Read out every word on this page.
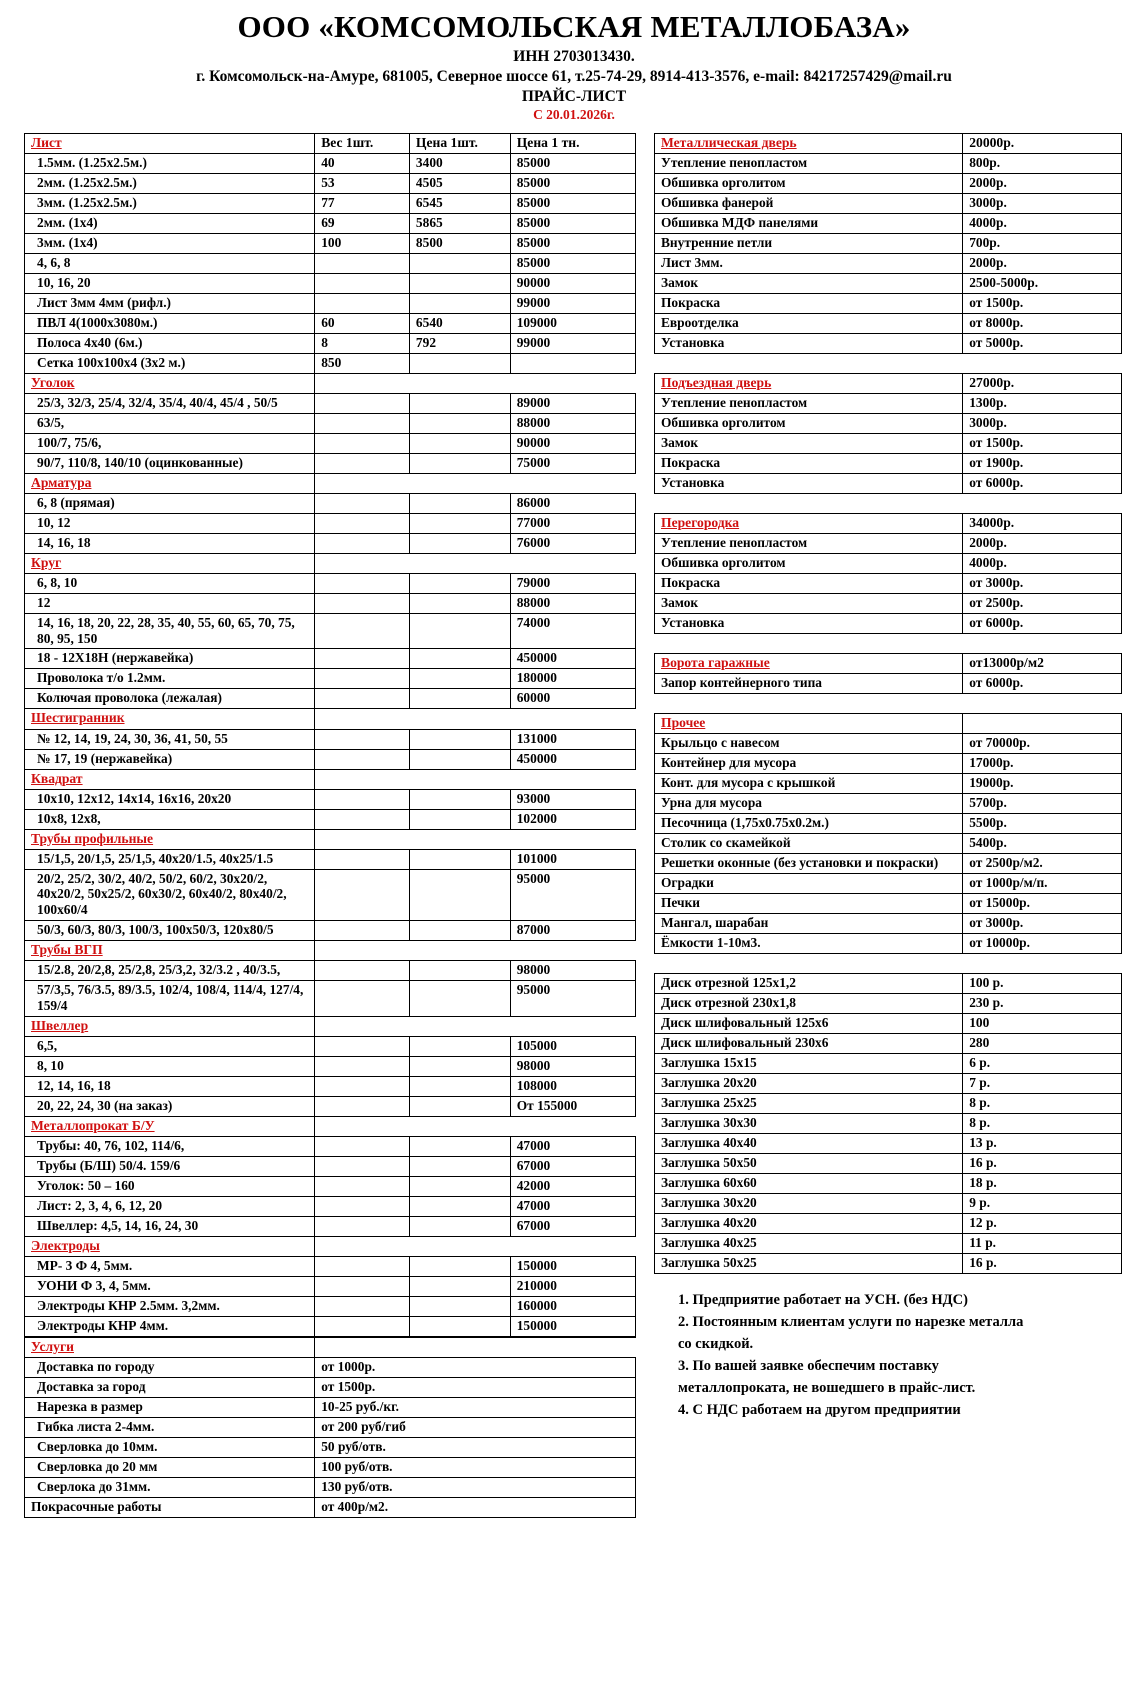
ООО «КОМСОМОЛЬСКАЯ МЕТАЛЛОБАЗА»
ИНН 2703013430.
г. Комсомольск-на-Амуре, 681005, Северное шоссе 61, т.25-74-29, 8914-413-3576, e-mail: 84217257429@mail.ru
ПРАЙС-ЛИСТ
С 20.01.2026г.
Лист	Вес 1шт.	Цена 1шт.	Цена 1 тн.
1.5мм. (1.25х2.5м.)	40	3400	85000
2мм. (1.25х2.5м.)	53	4505	85000
3мм. (1.25х2.5м.)	77	6545	85000
2мм. (1х4)	69	5865	85000
3мм. (1х4)	100	8500	85000
4, 6, 8			85000
10, 16, 20			90000
Лист 3мм 4мм (рифл.)			99000
ПВЛ 4(1000х3080м.)	60	6540	109000
Полоса 4х40 (6м.)	8	792	99000
Сетка 100х100х4 (3х2 м.)	850		
Уголок			
25/3, 32/3, 25/4, 32/4, 35/4, 40/4, 45/4 , 50/5			89000
63/5,			88000
100/7, 75/6,			90000
90/7, 110/8, 140/10 (оцинкованные)			75000
Арматура			
6, 8 (прямая)			86000
10, 12			77000
14, 16, 18			76000
Круг			
6, 8, 10			79000
12			88000
14, 16, 18, 20, 22, 28, 35, 40, 55, 60, 65, 70, 75, 80, 95, 150			74000
18 - 12Х18Н (нержавейка)			450000
Проволока т/о 1.2мм.			180000
Колючая проволока (лежалая)			60000
Шестигранник			
№ 12, 14, 19, 24, 30, 36, 41, 50, 55			131000
№ 17, 19 (нержавейка)			450000
Квадрат			
10х10, 12х12, 14х14, 16х16, 20х20			93000
10х8, 12х8,			102000
Трубы профильные			
15/1,5, 20/1,5, 25/1,5, 40х20/1.5, 40х25/1.5			101000
20/2, 25/2, 30/2, 40/2, 50/2, 60/2, 30х20/2, 40х20/2, 50х25/2, 60х30/2, 60х40/2, 80х40/2, 100х60/4			95000
50/3, 60/3, 80/3, 100/3, 100х50/3, 120х80/5			87000
Трубы ВГП			
15/2.8, 20/2,8, 25/2,8, 25/3,2, 32/3.2 , 40/3.5,			98000
57/3,5, 76/3.5, 89/3.5, 102/4, 108/4, 114/4, 127/4, 159/4			95000
Швеллер			
6,5,			105000
8, 10			98000
12, 14, 16, 18			108000
20, 22, 24, 30 (на заказ)			От 155000
Металлопрокат Б/У			
Трубы: 40, 76, 102, 114/6,			47000
Трубы (Б/Ш) 50/4. 159/6			67000
Уголок: 50 – 160			42000
Лист: 2, 3, 4, 6, 12, 20			47000
Швеллер: 4,5, 14, 16, 24, 30			67000
Электроды			
МР- 3 Ф 4, 5мм.			150000
УОНИ Ф 3, 4, 5мм.			210000
Электроды КНР 2.5мм. 3,2мм.			160000
Электроды КНР 4мм.			150000
Услуги	
Доставка по городу	от 1000р.
Доставка за город	от 1500р.
Нарезка в размер	10-25 руб./кг.
Гибка листа 2-4мм.	от 200 руб/гиб
Сверловка до 10мм.	50 руб/отв.
Сверловка до 20 мм	100 руб/отв.
Сверлока до 31мм.	130 руб/отв.
Покрасочные работы	от 400р/м2.
Металлическая дверь	20000р.
Утепление пенопластом	800р.
Обшивка орголитом	2000р.
Обшивка фанерой	3000р.
Обшивка МДФ панелями	4000р.
Внутренние петли	700р.
Лист 3мм.	2000р.
Замок	2500-5000р.
Покраска	от 1500р.
Евроотделка	от 8000р.
Установка	от 5000р.

Подъездная дверь	27000р.
Утепление пенопластом	1300р.
Обшивка орголитом	3000р.
Замок	от 1500р.
Покраска	от 1900р.
Установка	от 6000р.

Перегородка	34000р.
Утепление пенопластом	2000р.
Обшивка орголитом	4000р.
Покраска	от 3000р.
Замок	от 2500р.
Установка	от 6000р.

Ворота гаражные	от13000р/м2
Запор контейнерного типа	от 6000р.

Прочее	
Крыльцо с навесом	от 70000р.
Контейнер для мусора	17000р.
Конт. для мусора с крышкой	19000р.
Урна для мусора	5700р.
Песочница (1,75х0.75х0.2м.)	5500р.
Столик со скамейкой	5400р.
Решетки оконные (без установки и покраски)	от 2500р/м2.
Оградки	от 1000р/м/п.
Печки	от 15000р.
Мангал, шарабан	от 3000р.
Ёмкости 1-10м3.	от 10000р.

Диск отрезной 125х1,2	100 р.
Диск отрезной 230х1,8	230 р.
Диск шлифовальный 125х6	100
Диск шлифовальный 230х6	280
Заглушка 15х15	6 р.
Заглушка 20х20	7 р.
Заглушка 25х25	8 р.
Заглушка 30х30	8 р.
Заглушка 40х40	13 р.
Заглушка 50х50	16 р.
Заглушка 60х60	18 р.
Заглушка 30х20	9 р.
Заглушка 40х20	12 р.
Заглушка 40х25	11 р.
Заглушка 50х25	16 р.
1. Предприятие работает на УСН. (без НДС)
2. Постоянным клиентам услуги по нарезке металла
со скидкой.
3. По вашей заявке обеспечим поставку
металлопроката, не вошедшего в прайс-лист.
4. С НДС работаем на другом предприятии
